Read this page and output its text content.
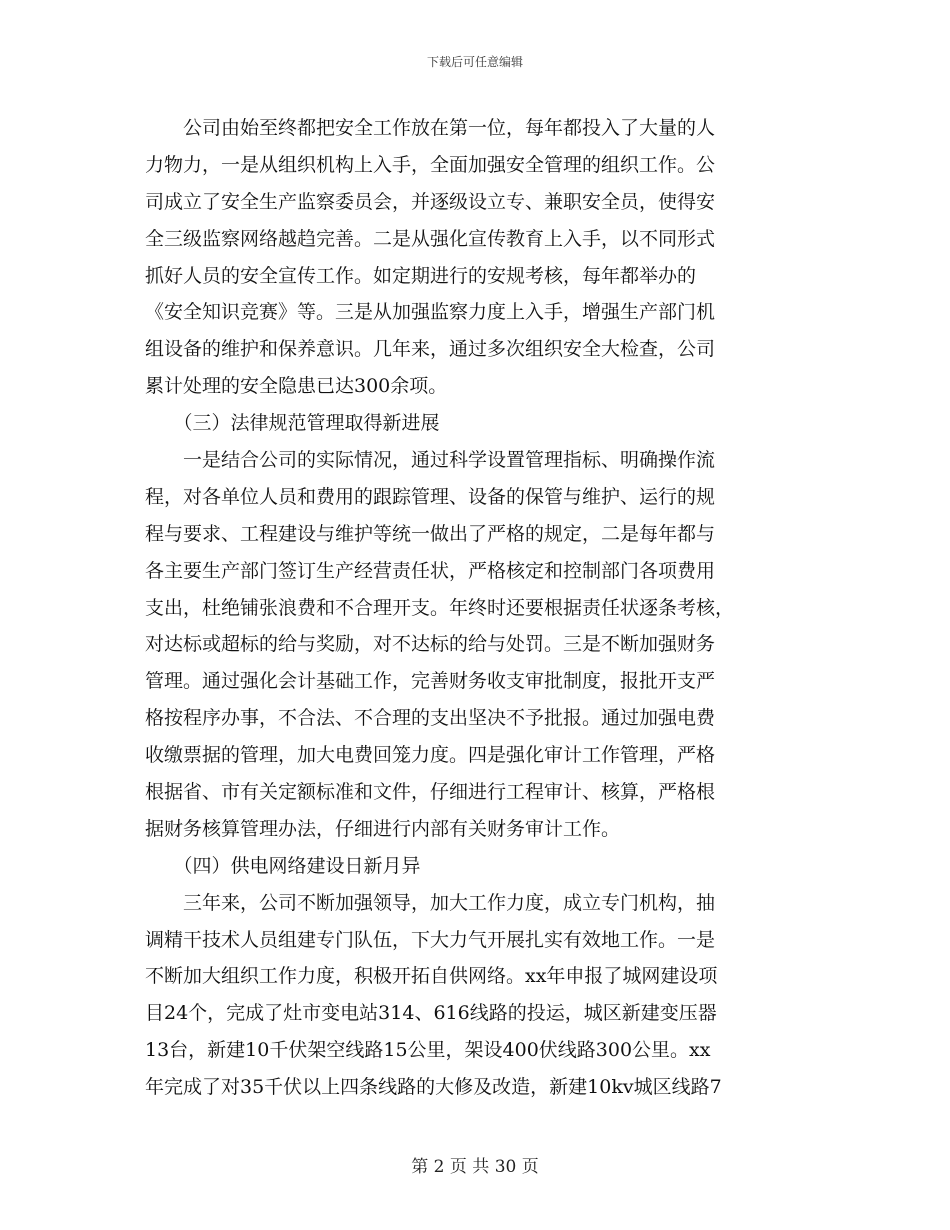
下载后可任意编辑
　　公司由始至终都把安全工作放在第一位，每年都投入了大量的人
力物力，一是从组织机构上入手，全面加强安全管理的组织工作。公
司成立了安全生产监察委员会，并逐级设立专、兼职安全员，使得安
全三级监察网络越趋完善。二是从强化宣传教育上入手，以不同形式
抓好人员的安全宣传工作。如定期进行的安规考核，每年都举办的
《安全知识竞赛》等。三是从加强监察力度上入手，增强生产部门机
组设备的维护和保养意识。几年来，通过多次组织安全大检查，公司
累计处理的安全隐患已达300余项。
　　（三）法律规范管理取得新进展
　　一是结合公司的实际情况，通过科学设置管理指标、明确操作流
程，对各单位人员和费用的跟踪管理、设备的保管与维护、运行的规
程与要求、工程建设与维护等统一做出了严格的规定，二是每年都与
各主要生产部门签订生产经营责任状，严格核定和控制部门各项费用
支出，杜绝铺张浪费和不合理开支。年终时还要根据责任状逐条考核，
对达标或超标的给与奖励，对不达标的给与处罚。三是不断加强财务
管理。通过强化会计基础工作，完善财务收支审批制度，报批开支严
格按程序办事，不合法、不合理的支出坚决不予批报。通过加强电费
收缴票据的管理，加大电费回笼力度。四是强化审计工作管理，严格
根据省、市有关定额标准和文件，仔细进行工程审计、核算，严格根
据财务核算管理办法，仔细进行内部有关财务审计工作。
　　（四）供电网络建设日新月异
　　三年来，公司不断加强领导，加大工作力度，成立专门机构，抽
调精干技术人员组建专门队伍，下大力气开展扎实有效地工作。一是
不断加大组织工作力度，积极开拓自供网络。xx年申报了城网建设项
目24个，完成了灶市变电站314、616线路的投运，城区新建变压器
13台，新建10千伏架空线路15公里，架设400伏线路300公里。xx
年完成了对35千伏以上四条线路的大修及改造，新建10kv城区线路7
第 2 页 共 30 页
